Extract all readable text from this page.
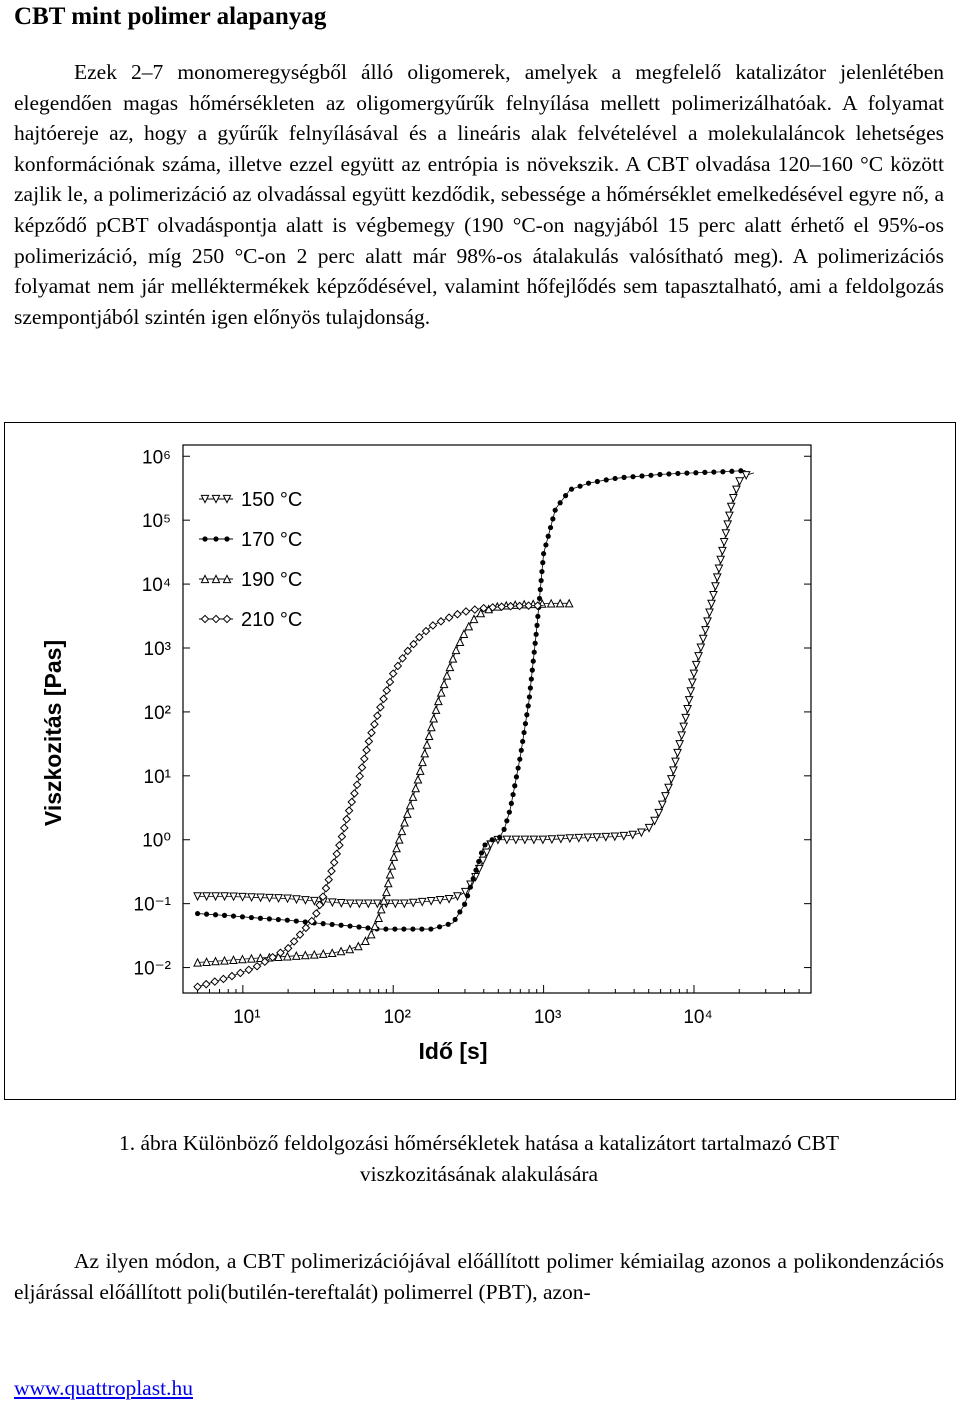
CBT mint polimer alapanyag

Ezek 2–7 monomeregységből álló oligomerek, amelyek a megfelelő katalizátor jelenlétében elegendően magas hőmérsékleten az oligomergyűrűk felnyílása mellett polimerizálhatóak. A folyamat hajtóereje az, hogy a gyűrűk felnyílásával és a lineáris alak felvételével a molekulaláncok lehetséges konformációnak száma, illetve ezzel együtt az entrópia is növekszik. A CBT olvadása 120–160 °C között zajlik le, a polimerizáció az olvadással együtt kezdődik, sebessége a hőmérséklet emelkedésével egyre nő, a képződő pCBT olvadáspontja alatt is végbemegy (190 °C-on nagyjából 15 perc alatt érhető el 95%-os polimerizáció, míg 250 °C-on 2 perc alatt már 98%-os átalakulás valósítható meg). A polimerizációs folyamat nem jár melléktermékek képződésével, valamint hőfejlődés sem tapasztalható, ami a feldolgozás szempontjából szintén igen előnyös tulajdonság.

10⁻²
10⁻¹
10⁰
10¹
10²
10³
10⁴
10⁵
10⁶
10¹	10²	10³	10⁴
150 °C
170 °C
190 °C
210 °C
Idő [s]
Viszkozitás [Pas]

1. ábra Különböző feldolgozási hőmérsékletek hatása a katalizátort tartalmazó CBT
viszkozitásának alakulására

Az ilyen módon, a CBT polimerizációjával előállított polimer kémiailag azonos a polikondenzációs eljárással előállított poli(butilén-tereftalát) polimerrel (PBT), azon-

www.quattroplast.hu
